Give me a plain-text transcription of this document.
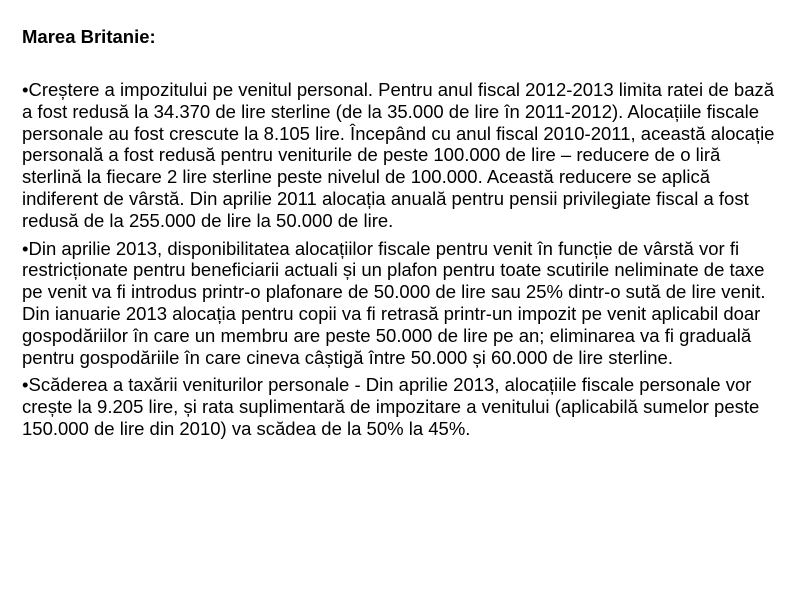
Marea Britanie:

•Creștere a impozitului pe venitul personal. Pentru anul fiscal 2012-2013 limita ratei de bază a fost redusă la 34.370 de lire sterline (de la 35.000 de lire în 2011-2012). Alocațiile fiscale personale au fost crescute la 8.105 lire. Începând cu anul fiscal 2010-2011, această alocație personală a fost redusă pentru veniturile de peste 100.000 de lire – reducere de o liră sterlină la fiecare 2 lire sterline peste nivelul de 100.000. Această reducere se aplică indiferent de vârstă. Din aprilie 2011 alocația anuală pentru pensii privilegiate fiscal a fost redusă de la 255.000 de lire la 50.000 de lire.
•Din aprilie 2013, disponibilitatea alocațiilor fiscale pentru venit în funcție de vârstă vor fi restricționate pentru beneficiarii actuali și un plafon pentru toate scutirile neliminate de taxe pe venit va fi introdus printr-o plafonare de 50.000 de lire sau 25% dintr-o sută de lire venit. Din ianuarie 2013 alocația pentru copii va fi retrasă printr-un impozit pe venit aplicabil doar gospodăriilor în care un membru are peste 50.000 de lire pe an; eliminarea va fi graduală pentru gospodăriile în care cineva câștigă între 50.000 și 60.000 de lire sterline.
•Scăderea a taxării veniturilor personale - Din aprilie 2013, alocațiile fiscale personale vor crește la 9.205 lire, și rata suplimentară de impozitare a venitului (aplicabilă sumelor peste 150.000 de lire din 2010) va scădea de la 50% la 45%.
